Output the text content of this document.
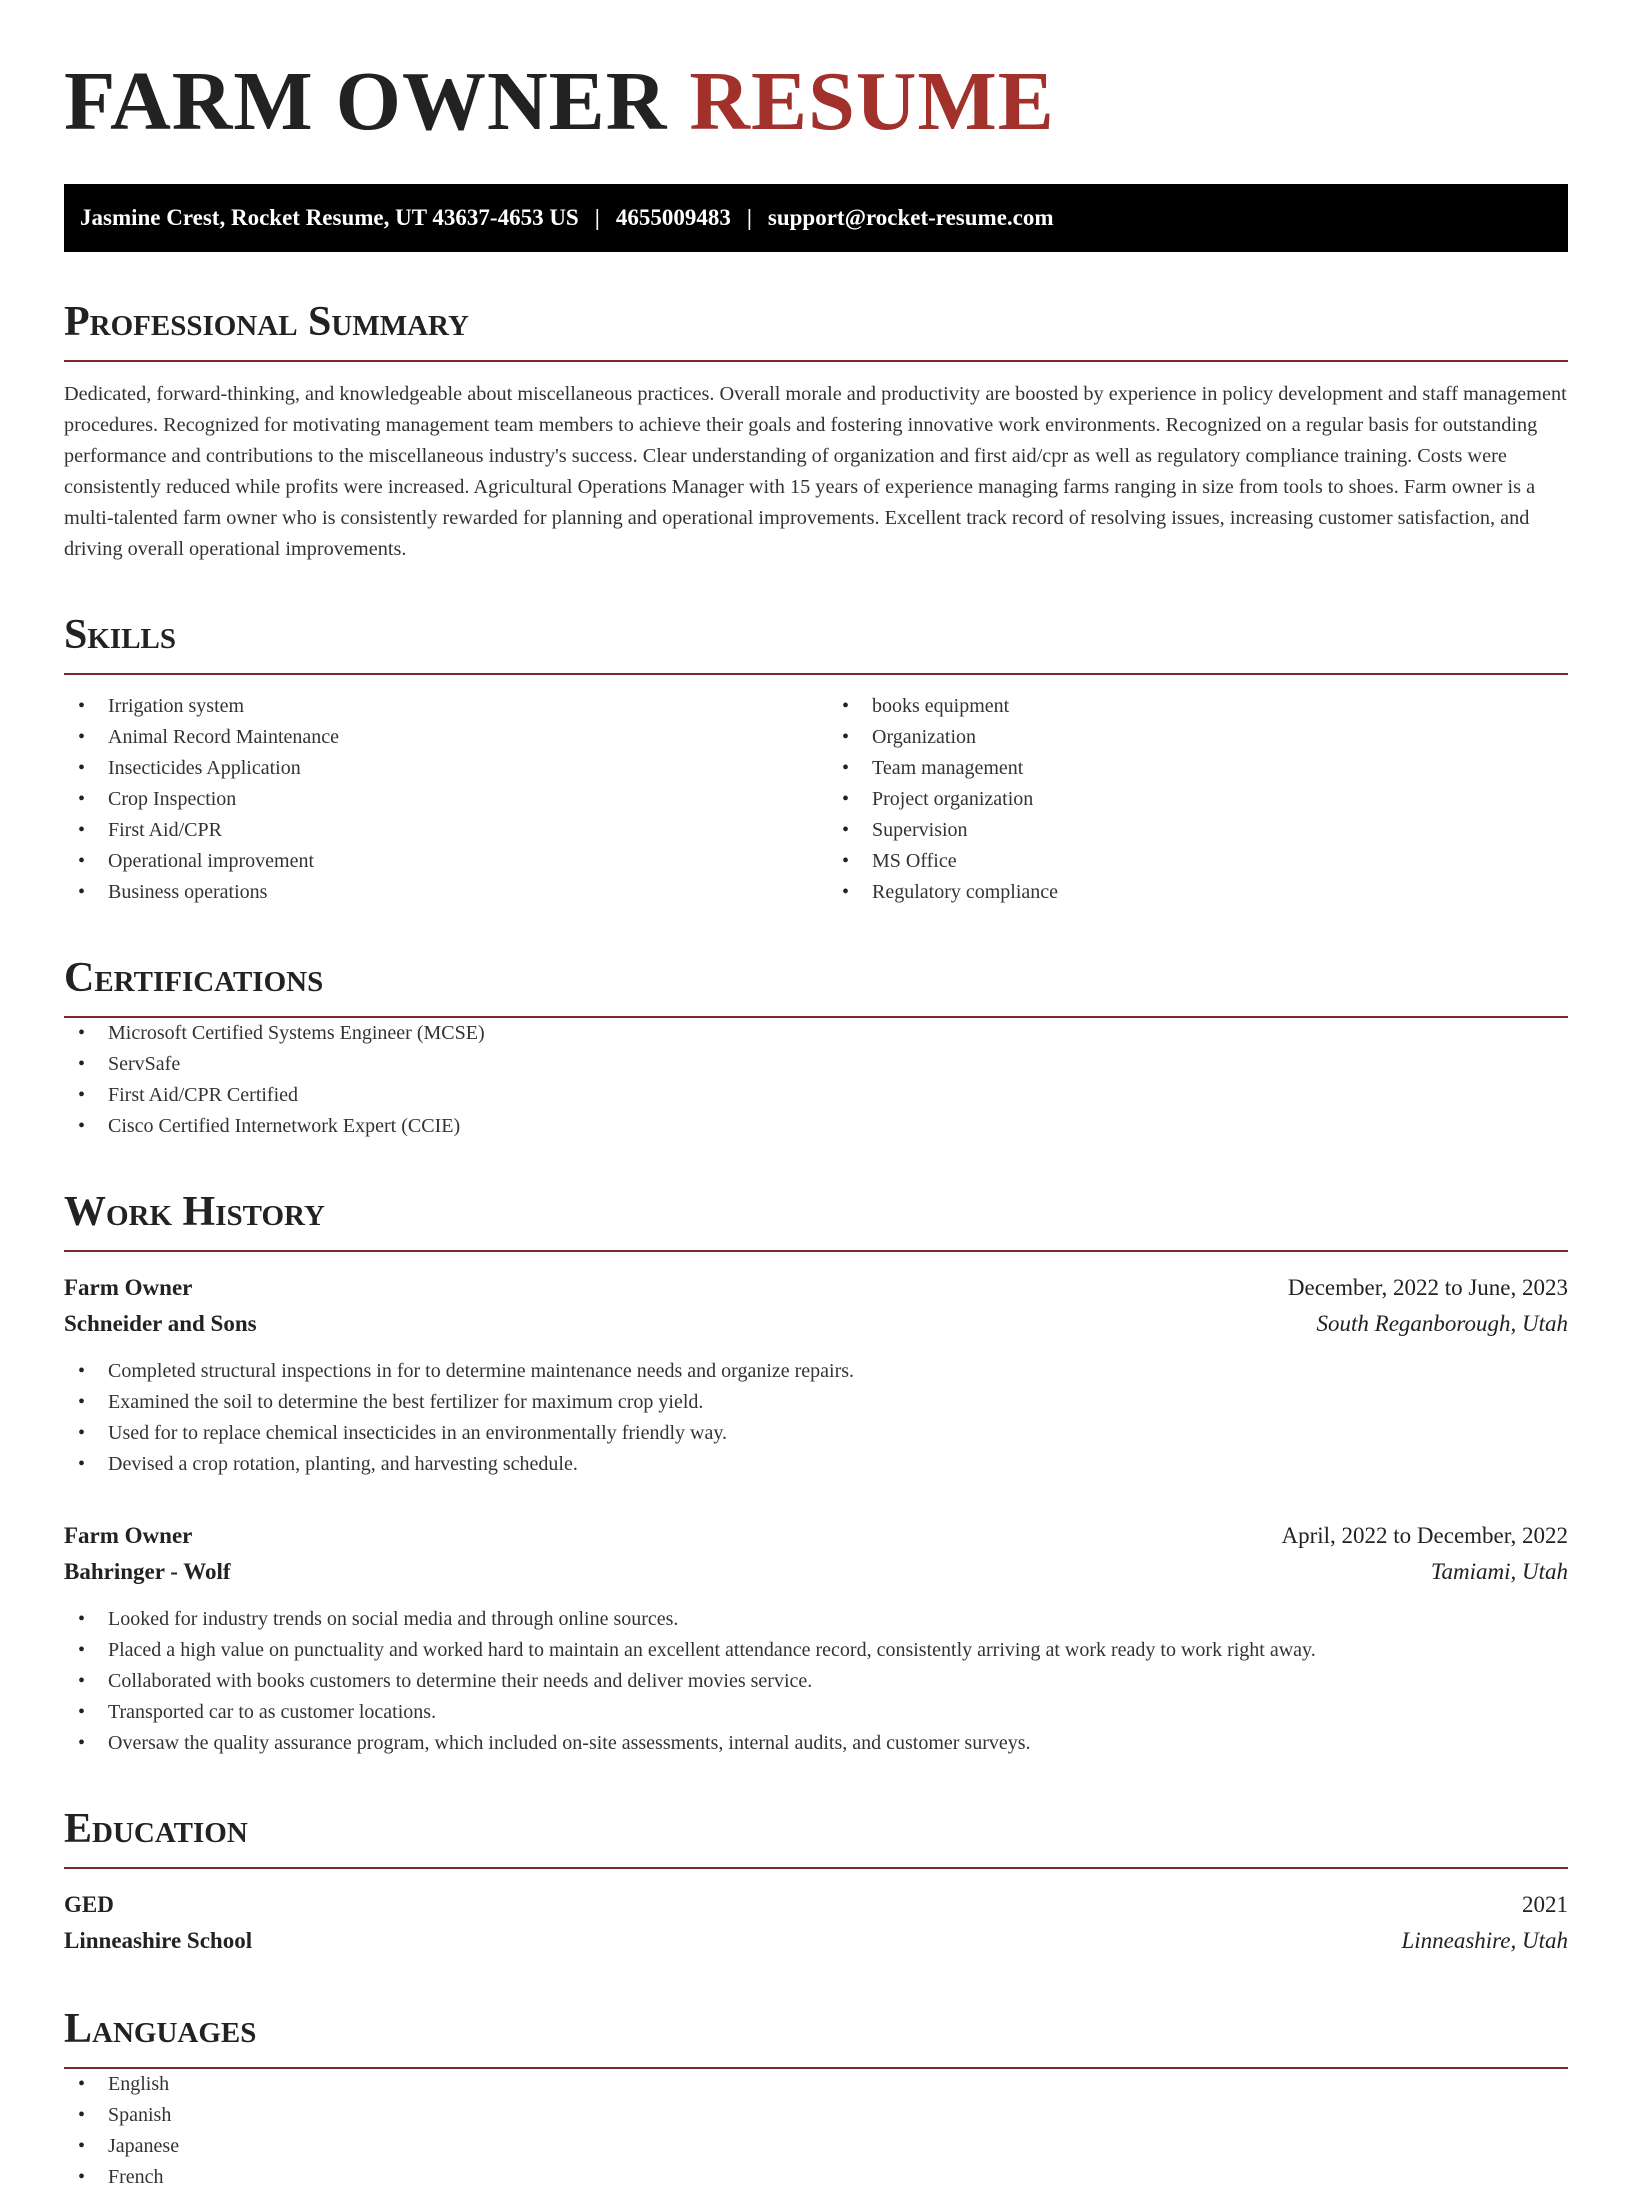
FARM OWNER RESUME
Jasmine Crest, Rocket Resume, UT 43637-4653 US | 4655009483 | support@rocket-resume.com
Professional Summary

Dedicated, forward-thinking, and knowledgeable about miscellaneous practices. Overall morale and productivity are boosted by experience in policy development and staff management procedures. Recognized for motivating management team members to achieve their goals and fostering innovative work environments. Recognized on a regular basis for outstanding performance and contributions to the miscellaneous industry's success. Clear understanding of organization and first aid/cpr as well as regulatory compliance training. Costs were consistently reduced while profits were increased. Agricultural Operations Manager with 15 years of experience managing farms ranging in size from tools to shoes. Farm owner is a multi-talented farm owner who is consistently rewarded for planning and operational improvements. Excellent track record of resolving issues, increasing customer satisfaction, and driving overall operational improvements.

Skills
• Irrigation system
• Animal Record Maintenance
• Insecticides Application
• Crop Inspection
• First Aid/CPR
• Operational improvement
• Business operations
• books equipment
• Organization
• Team management
• Project organization
• Supervision
• MS Office
• Regulatory compliance
Certifications
• Microsoft Certified Systems Engineer (MCSE)
• ServSafe
• First Aid/CPR Certified
• Cisco Certified Internetwork Expert (CCIE)
Work History
Farm Owner	December, 2022 to June, 2023
Schneider and Sons	South Reganborough, Utah
• Completed structural inspections in for to determine maintenance needs and organize repairs.
• Examined the soil to determine the best fertilizer for maximum crop yield.
• Used for to replace chemical insecticides in an environmentally friendly way.
• Devised a crop rotation, planting, and harvesting schedule.
Farm Owner	April, 2022 to December, 2022
Bahringer - Wolf	Tamiami, Utah
• Looked for industry trends on social media and through online sources.
• Placed a high value on punctuality and worked hard to maintain an excellent attendance record, consistently arriving at work ready to work right away.
• Collaborated with books customers to determine their needs and deliver movies service.
• Transported car to as customer locations.
• Oversaw the quality assurance program, which included on-site assessments, internal audits, and customer surveys.
Education
GED	2021
Linneashire School	Linneashire, Utah
Languages
• English
• Spanish
• Japanese
• French
